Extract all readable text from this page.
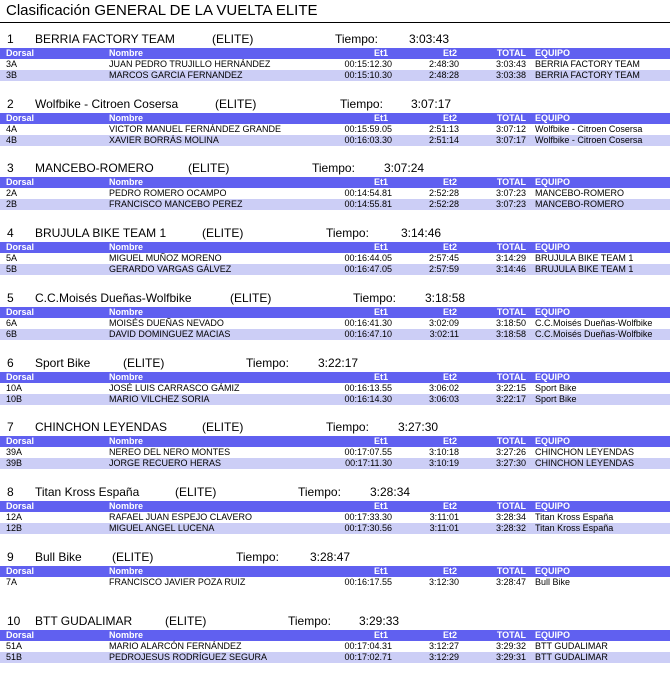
Clasificación GENERAL DE LA VUELTA ELITE
1 BERRIA FACTORY TEAM	(ELITE)	Tiempo:	3:03:43
Dorsal	Nombre	Et1	Et2	TOTAL EQUIPO
3A	JUAN PEDRO TRUJILLO HERNÁNDEZ	00:15:12.30	2:48:30	3:03:43 BERRIA FACTORY TEAM
3B	MARCOS GARCIA FERNANDEZ	00:15:10.30	2:48:28	3:03:38 BERRIA FACTORY TEAM
2 Wolfbike - Citroen Cosersa	(ELITE)	Tiempo: 3:07:17
Dorsal	Nombre	Et1	Et2	TOTAL EQUIPO
4A	VICTOR MANUEL FERNÁNDEZ GRANDE	00:15:59.05	2:51:13	3:07:12 Wolfbike - Citroen Cosersa
4B	XAVIER BORRÁS MOLINA	00:16:03.30	2:51:14	3:07:17 Wolfbike - Citroen Cosersa
3 MANCEBO-ROMERO	(ELITE)	Tiempo: 3:07:24
Dorsal	Nombre	Et1	Et2	TOTAL EQUIPO
2A	PEDRO ROMERO OCAMPO	00:14:54.81	2:52:28	3:07:23 MANCEBO-ROMERO
2B	FRANCISCO MANCEBO PEREZ	00:14:55.81	2:52:28	3:07:23 MANCEBO-ROMERO
4 BRUJULA BIKE TEAM 1	(ELITE)	Tiempo:	3:14:46
Dorsal	Nombre	Et1	Et2	TOTAL EQUIPO
5A	MIGUEL MUÑOZ MORENO	00:16:44.05	2:57:45	3:14:29 BRUJULA BIKE TEAM 1
5B	GERARDO VARGAS GÁLVEZ	00:16:47.05	2:57:59	3:14:46 BRUJULA BIKE TEAM 1
5 C.C.Moisés Dueñas-Wolfbike	(ELITE)	Tiempo: 3:18:58
Dorsal	Nombre	Et1	Et2	TOTAL EQUIPO
6A	MOISÉS DUEÑAS NEVADO	00:16:41.30	3:02:09	3:18:50 C.C.Moisés Dueñas-Wolfbike
6B	DAVID DOMINGUEZ MACIAS	00:16:47.10	3:02:11	3:18:58 C.C.Moisés Dueñas-Wolfbike
6 Sport Bike	(ELITE)	Tiempo: 3:22:17
Dorsal	Nombre	Et1	Et2	TOTAL EQUIPO
10A	JOSÉ LUIS CARRASCO GÁMIZ	00:16:13.55	3:06:02	3:22:15 Sport Bike
10B	MARIO VILCHEZ SORIA	00:16:14.30	3:06:03	3:22:17 Sport Bike
7 CHINCHON LEYENDAS	(ELITE)	Tiempo: 3:27:30
Dorsal	Nombre	Et1	Et2	TOTAL EQUIPO
39A	NEREO DEL NERO MONTES	00:17:07.55	3:10:18	3:27:26 CHINCHON LEYENDAS
39B	JORGE RECUERO HERAS	00:17:11.30	3:10:19	3:27:30 CHINCHON LEYENDAS
8 Titan Kross España	(ELITE)	Tiempo: 3:28:34
Dorsal	Nombre	Et1	Et2	TOTAL EQUIPO
12A	RAFAEL JUAN ESPEJO CLAVERO	00:17:33.30	3:11:01	3:28:34 Titan Kross España
12B	MIGUEL ANGEL LUCENA	00:17:30.56	3:11:01	3:28:32 Titan Kross España
9 Bull Bike	(ELITE)	Tiempo:	3:28:47
Dorsal	Nombre	Et1	Et2	TOTAL EQUIPO
7A	FRANCISCO JAVIER POZA RUIZ	00:16:17.55	3:12:30	3:28:47 Bull Bike
10 BTT GUDALIMAR	(ELITE)	Tiempo: 3:29:33
Dorsal	Nombre	Et1	Et2	TOTAL EQUIPO
51A	MARIO ALARCÓN FERNÁNDEZ	00:17:04.31	3:12:27	3:29:32 BTT GUDALIMAR
51B	PEDROJESUS RODRÍGUEZ SEGURA	00:17:02.71	3:12:29	3:29:31 BTT GUDALIMAR
